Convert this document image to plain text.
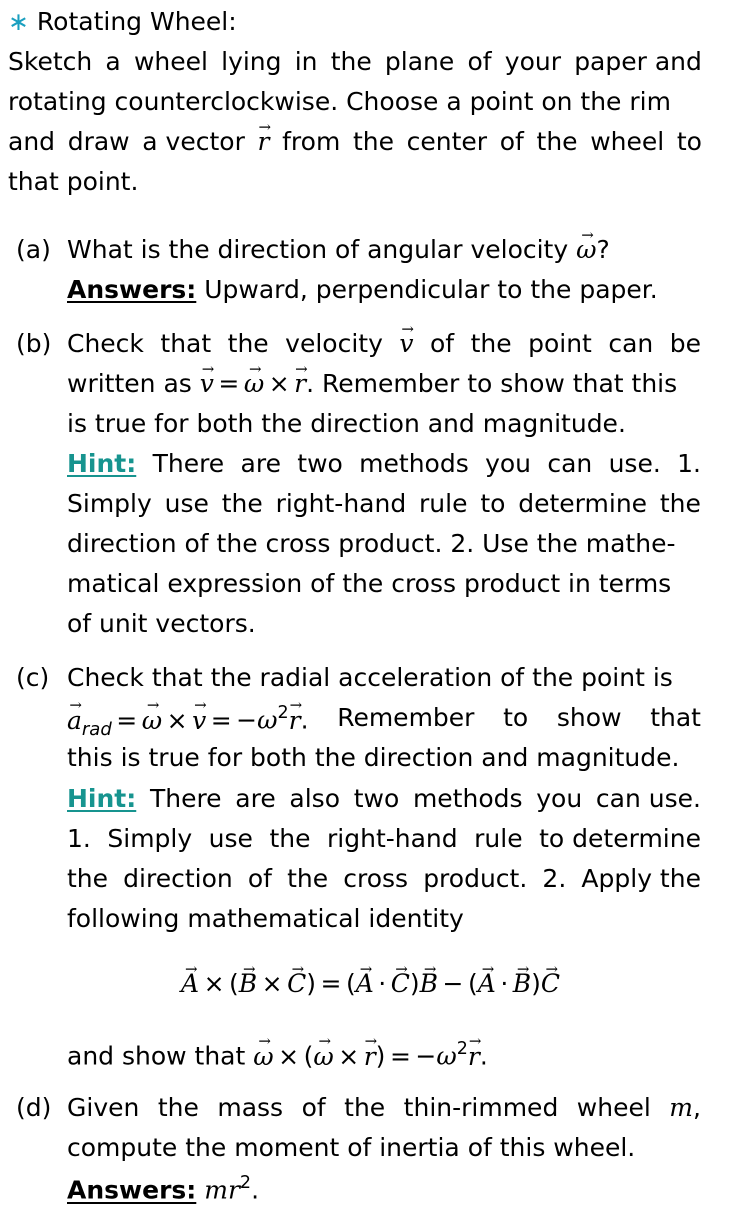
∗ Rotating Wheel:
Sketch a wheel lying in the plane of your paper and
rotating counterclockwise. Choose a point on the rim
and draw a vector
→ r from the center of the wheel to
that point.
(a) What is the direction of angular velocity → ω?
Answers: Upward, perpendicular to the paper.
(b) Check that the velocity
→ v of the point can be
written as → v =→ ω ×→ r. Remember to show that this
is true for both the direction and magnitude.
Hint: There are two methods you can use. 1.
Simply use the right-hand rule to determine the
direction of the cross product. 2. Use the mathe-
matical expression of the cross product in terms
of unit vectors.
(c) Check that the radial acceleration of the point is
→ $a_{rad} =\to \omega \times\to v = -\omega^2\to r$. Remember to show that
this is true for both the direction and magnitude.
Hint: There are also two methods you can use.
1. Simply use the right-hand rule to determine
the direction of the cross product. 2. Apply the
following mathematical identity
→ A × (→ B ×→ C) = (→ A ·→ C)→ B − (→ A ·→ B)→ C
and show that → ω × (→ $\omega \times\to r) = -\omega^2\to r$.
(d) Given the mass of the thin-rimmed wheel m,
compute the moment of inertia of this wheel.
Answers: $mr^2$.
